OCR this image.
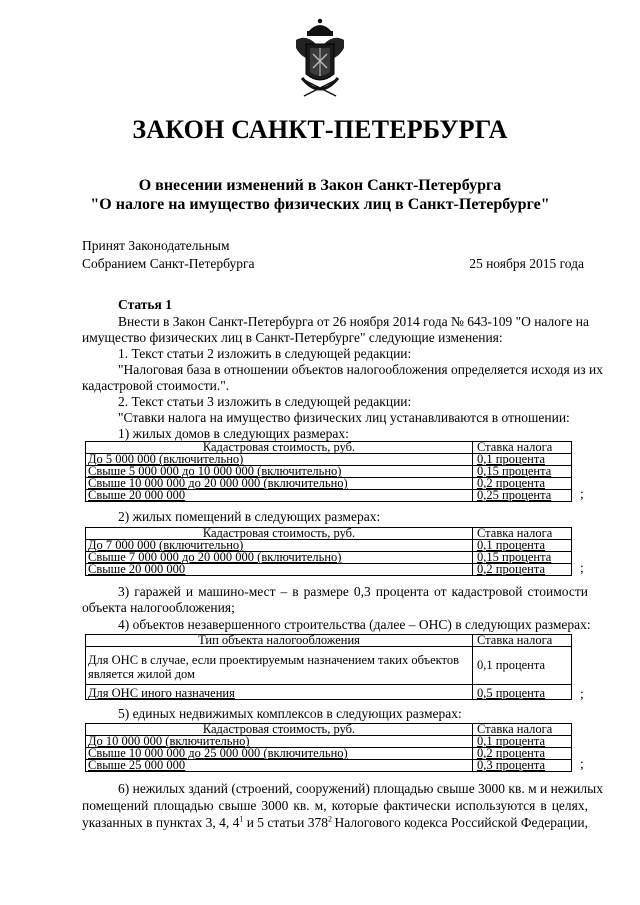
ЗАКОН САНКТ-ПЕТЕРБУРГА
О внесении изменений в Закон Санкт-Петербурга
"О налоге на имущество физических лиц в Санкт-Петербурге"
Принят Законодательным
Собранием Санкт-Петербурга	25 ноября 2015 года
Статья 1
Внести в Закон Санкт-Петербурга от 26 ноября 2014 года № 643-109 "О налоге на
имущество физических лиц в Санкт-Петербурге" следующие изменения:
1. Текст статьи 2 изложить в следующей редакции:
"Налоговая база в отношении объектов налогообложения определяется исходя из их
кадастровой стоимости.".
2. Текст статьи 3 изложить в следующей редакции:
"Ставки налога на имущество физических лиц устанавливаются в отношении:
1) жилых домов в следующих размерах:
Кадастровая стоимость, руб.	Ставка налога
До 5 000 000 (включительно)	0,1 процента
Свыше 5 000 000 до 10 000 000 (включительно)	0,15 процента
Свыше 10 000 000 до 20 000 000 (включительно)	0,2 процента
Свыше 20 000 000	0,25 процента ;
2) жилых помещений в следующих размерах:
Кадастровая стоимость, руб.	Ставка налога
До 7 000 000 (включительно)	0,1 процента
Свыше 7 000 000 до 20 000 000 (включительно)	0,15 процента
Свыше 20 000 000	0,2 процента	;
3) гаражей и машино-мест – в размере 0,3 процента от кадастровой стоимости
объекта налогообложения;
4) объектов незавершенного строительства (далее – ОНС) в следующих размерах:
Тип объекта налогообложения	Ставка налога
Для ОНС в случае, если проектируемым назначением таких объектов
является жилой дом	0,1 процента
Для ОНС иного назначения	0,5 процента	;
5) единых недвижимых комплексов в следующих размерах:
Кадастровая стоимость, руб.	Ставка налога
До 10 000 000 (включительно)	0,1 процента
Свыше 10 000 000 до 25 000 000 (включительно)	0,2 процента
Свыше 25 000 000	0,3 процента	;
6) нежилых зданий (строений, сооружений) площадью свыше 3000 кв. м и нежилых
помещений площадью свыше 3000 кв. м, которые фактически используются в целях,
указанных в пунктах 3, 4, $4^1$ и 5 статьи $378^2$ Налогового кодекса Российской Федерации,
